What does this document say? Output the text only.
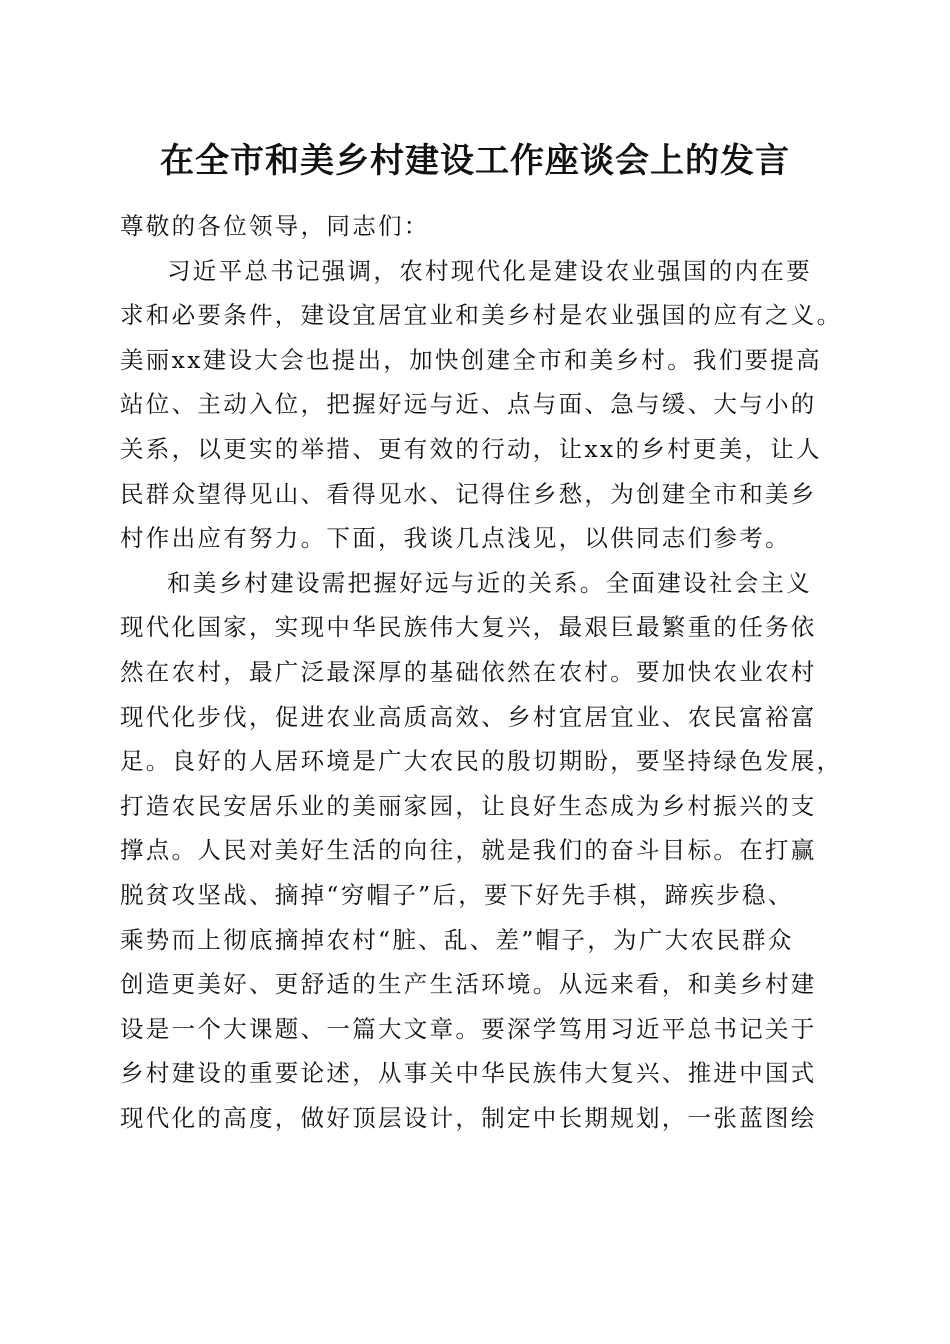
在全市和美乡村建设工作座谈会上的发言
尊敬的各位领导，同志们：
习近平总书记强调，农村现代化是建设农业强国的内在要
求和必要条件，建设宜居宜业和美乡村是农业强国的应有之义。
美丽xx建设大会也提出，加快创建全市和美乡村。我们要提高
站位、主动入位，把握好远与近、点与面、急与缓、大与小的
关系，以更实的举措、更有效的行动，让xx的乡村更美，让人
民群众望得见山、看得见水、记得住乡愁，为创建全市和美乡
村作出应有努力。下面，我谈几点浅见，以供同志们参考。
和美乡村建设需把握好远与近的关系。全面建设社会主义
现代化国家，实现中华民族伟大复兴，最艰巨最繁重的任务依
然在农村，最广泛最深厚的基础依然在农村。要加快农业农村
现代化步伐，促进农业高质高效、乡村宜居宜业、农民富裕富
足。良好的人居环境是广大农民的殷切期盼，要坚持绿色发展，
打造农民安居乐业的美丽家园，让良好生态成为乡村振兴的支
撑点。人民对美好生活的向往，就是我们的奋斗目标。在打赢
脱贫攻坚战、摘掉“穷帽子”后，要下好先手棋，蹄疾步稳、
乘势而上彻底摘掉农村“脏、乱、差”帽子，为广大农民群众
创造更美好、更舒适的生产生活环境。从远来看，和美乡村建
设是一个大课题、一篇大文章。要深学笃用习近平总书记关于
乡村建设的重要论述，从事关中华民族伟大复兴、推进中国式
现代化的高度，做好顶层设计，制定中长期规划，一张蓝图绘
